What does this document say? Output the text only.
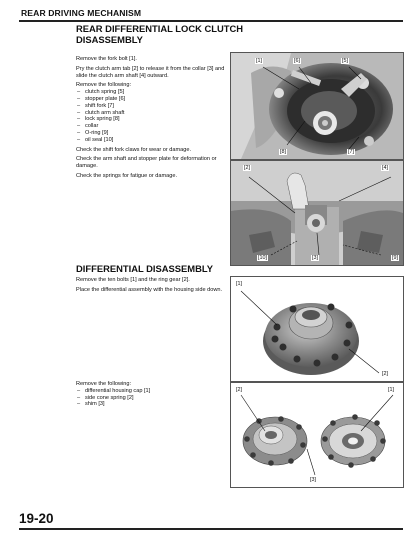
REAR DRIVING MECHANISM
REAR DIFFERENTIAL LOCK CLUTCH
DISASSEMBLY
Remove the fork bolt [1].
Pry the clutch arm tab [2] to release it from the collar [3] and slide the clutch arm shaft [4] outward.
Remove the following:
– clutch spring [5]
– stopper plate [6]
– shift fork [7]
– clutch arm shaft
– lock spring [8]
– collar
– O-ring [9]
– oil seal [10]
Check the shift fork claws for wear or damage.
Check the arm shaft and stopper plate for deformation or damage.
Check the springs for fatigue or damage.
DIFFERENTIAL DISASSEMBLY
Remove the ten bolts [1] and the ring gear [2].
Place the differential assembly with the housing side down.
Remove the following:
– differential housing cap [1]
– side cone spring [2]
– shim [3]
[1]	[6]	[5]
[8]	[7]
[2]	[4]
[10]	[3]	[9]
[1]
[2]
[2]	[1]
[3]
19-20
